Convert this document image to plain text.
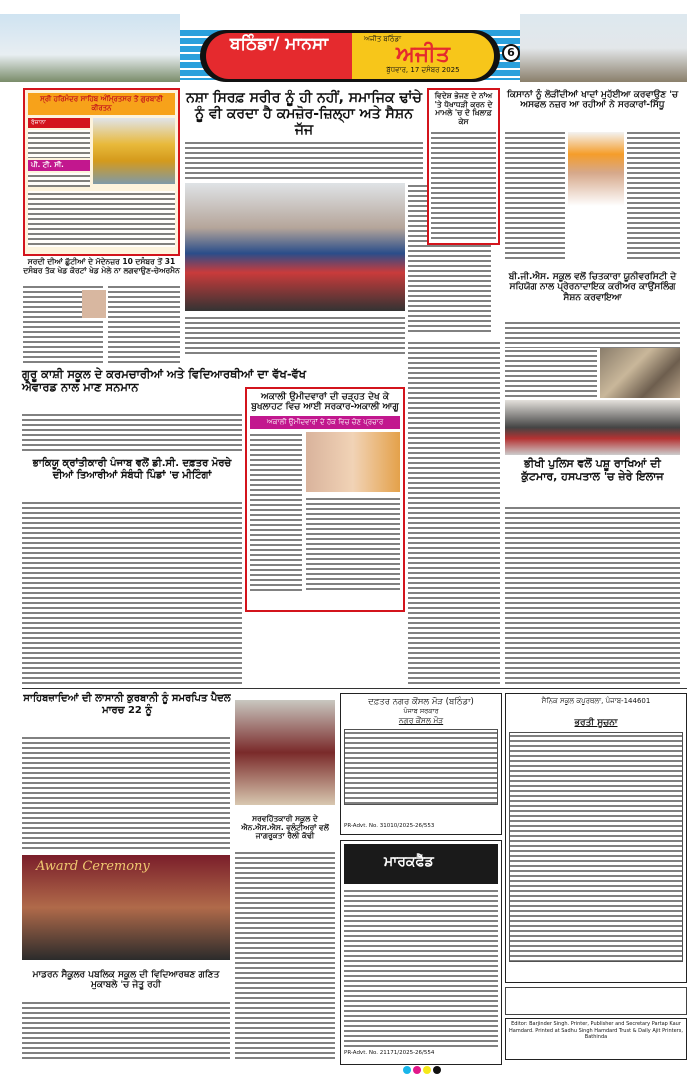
ਬਠਿੰਡਾ/ ਮਾਨਸਾ	ਅਜੀਤ ਬਠਿੰਡਾ
ਅਜੀਤ
ਬੁੱਧਵਾਰ, 17 ਦਸੰਬਰ 2025
6
ਸ੍ਰੀ ਹਰਿਮੰਦਰ ਸਾਹਿਬ ਅੰਮ੍ਰਿਤਸਰ ਤੋਂ ਗੁਰਬਾਣੀ ਕੀਰਤਨ
ਰੋਜ਼ਾਨਾ
ਪੀ. ਟੀ. ਸੀ.
ਸਰਦੀ ਦੀਆਂ ਛੁੱਟੀਆਂ ਦੇ ਮੱਦੇਨਜ਼ਰ 10 ਦਸੰਬਰ ਤੋਂ 31 ਦਸੰਬਰ ਤੱਕ ਖੇਡ ਕੋਰਟਾਂ ਖੇਡ ਮੇਲੇ ਨਾ ਲਗਵਾਉਣ-ਚੇਅਰਮੈਨ
ਨਸ਼ਾ ਸਿਰਫ਼ ਸਰੀਰ ਨੂੰ ਹੀ ਨਹੀਂ, ਸਮਾਜਿਕ ਢਾਂਚੇ ਨੂੰ ਵੀ ਕਰਦਾ ਹੈ ਕਮਜ਼ੋਰ-ਜ਼ਿਲ੍ਹਾ ਅਤੇ ਸੈਸ਼ਨ ਜੱਜ
ਵਿਦੇਸ਼ ਭੇਜਣ ਦੇ ਨਾਂਅ 'ਤੇ ਧੋਖਾਧੜੀ ਕਰਨ ਦੇ ਮਾਮਲੇ 'ਚ ਦੋ ਖ਼ਿਲਾਫ਼ ਕੇਸ
ਕਿਸਾਨਾਂ ਨੂੰ ਲੋੜੀਂਦੀਆਂ ਖਾਦਾਂ ਮੁਹੱਈਆ ਕਰਵਾਉਣ 'ਚ ਅਸਫਲ ਨਜ਼ਰ ਆ ਰਹੀਆਂ ਨੇ ਸਰਕਾਰਾਂ-ਸਿੱਧੂ
ਬੀ.ਜੀ.ਐਸ. ਸਕੂਲ ਵਲੋਂ ਚਿਤਕਾਰਾ ਯੂਨੀਵਰਸਿਟੀ ਦੇ ਸਹਿਯੋਗ ਨਾਲ ਪ੍ਰੇਰਨਾਦਾਇਕ ਕਰੀਅਰ ਕਾਉਂਸਲਿੰਗ ਸੈਸ਼ਨ ਕਰਵਾਇਆ
ਭੀਖੀ ਪੁਲਿਸ ਵਲੋਂ ਪਸ਼ੂ ਰਾਖਿਆਂ ਦੀ ਕੁੱਟਮਾਰ, ਹਸਪਤਾਲ 'ਚ ਜ਼ੇਰੇ ਇਲਾਜ
ਗੁਰੂ ਕਾਸ਼ੀ ਸਕੂਲ ਦੇ ਕਰਮਚਾਰੀਆਂ ਅਤੇ ਵਿਦਿਆਰਥੀਆਂ ਦਾ ਵੱਖ-ਵੱਖ ਐਵਾਰਡ ਨਾਲ ਮਾਣ ਸਨਮਾਨ
ਭਾਕਿਯੂ ਕ੍ਰਾਂਤੀਕਾਰੀ ਪੰਜਾਬ ਵਲੋਂ ਡੀ.ਸੀ. ਦਫ਼ਤਰ ਮੋਰਚੇ ਦੀਆਂ ਤਿਆਰੀਆਂ ਸੰਬੰਧੀ ਪਿੰਡਾਂ 'ਚ ਮੀਟਿੰਗਾਂ
ਅਕਾਲੀ ਉਮੀਦਵਾਰਾਂ ਦੀ ਚੜ੍ਹਤ ਦੇਖ ਕੇ ਬੁਖਲਾਹਟ ਵਿਚ ਆਈ ਸਰਕਾਰ-ਅਕਾਲੀ ਆਗੂ
ਅਕਾਲੀ ਉਮੀਦਵਾਰਾਂ ਦੇ ਹੱਕ ਵਿਚ ਚੋਣ ਪ੍ਰਚਾਰ
ਸਾਹਿਬਜ਼ਾਦਿਆਂ ਦੀ ਲਾਸਾਨੀ ਕੁਰਬਾਨੀ ਨੂੰ ਸਮਰਪਿਤ ਪੈਦਲ ਮਾਰਚ 22 ਨੂੰ
ਸਰਵਹਿੱਤਕਾਰੀ ਸਕੂਲ ਦੇ ਐਨ.ਐਸ.ਐਸ. ਵਲੰਟੀਅਰਾਂ ਵਲੋਂ ਜਾਗਰੂਕਤਾ ਰੈਲੀ ਕੱਢੀ
Award Ceremony
ਮਾਡਰਨ ਸੈਕੂਲਰ ਪਬਲਿਕ ਸਕੂਲ ਦੀ ਵਿਦਿਆਰਥਣ ਗਣਿਤ ਮੁਕਾਬਲੇ 'ਚ ਜੇਤੂ ਰਹੀ
ਦਫ਼ਤਰ ਨਗਰ ਕੌਂਸਲ ਮੌੜ (ਬਠਿੰਡਾ)
ਪੰਜਾਬ ਸਰਕਾਰ
ਨਗਰ ਕੌਂਸਲ ਮੌੜ
PR-Advt. No. 31010/2025-26/553
ਮਾਰਕਫੈੱਡ
PR-Advt. No. 21171/2025-26/554
ਸੈਨਿਕ ਸਕੂਲ ਕਪੂਰਥਲਾ, ਪੰਜਾਬ-144601
ਭਰਤੀ ਸੂਚਨਾ
Editor: Barjinder Singh. Printer, Publisher and Secretary Partap Kaur Hamdard. Printed at Sadhu Singh Hamdard Trust & Daily Ajit Printers, Bathinda
